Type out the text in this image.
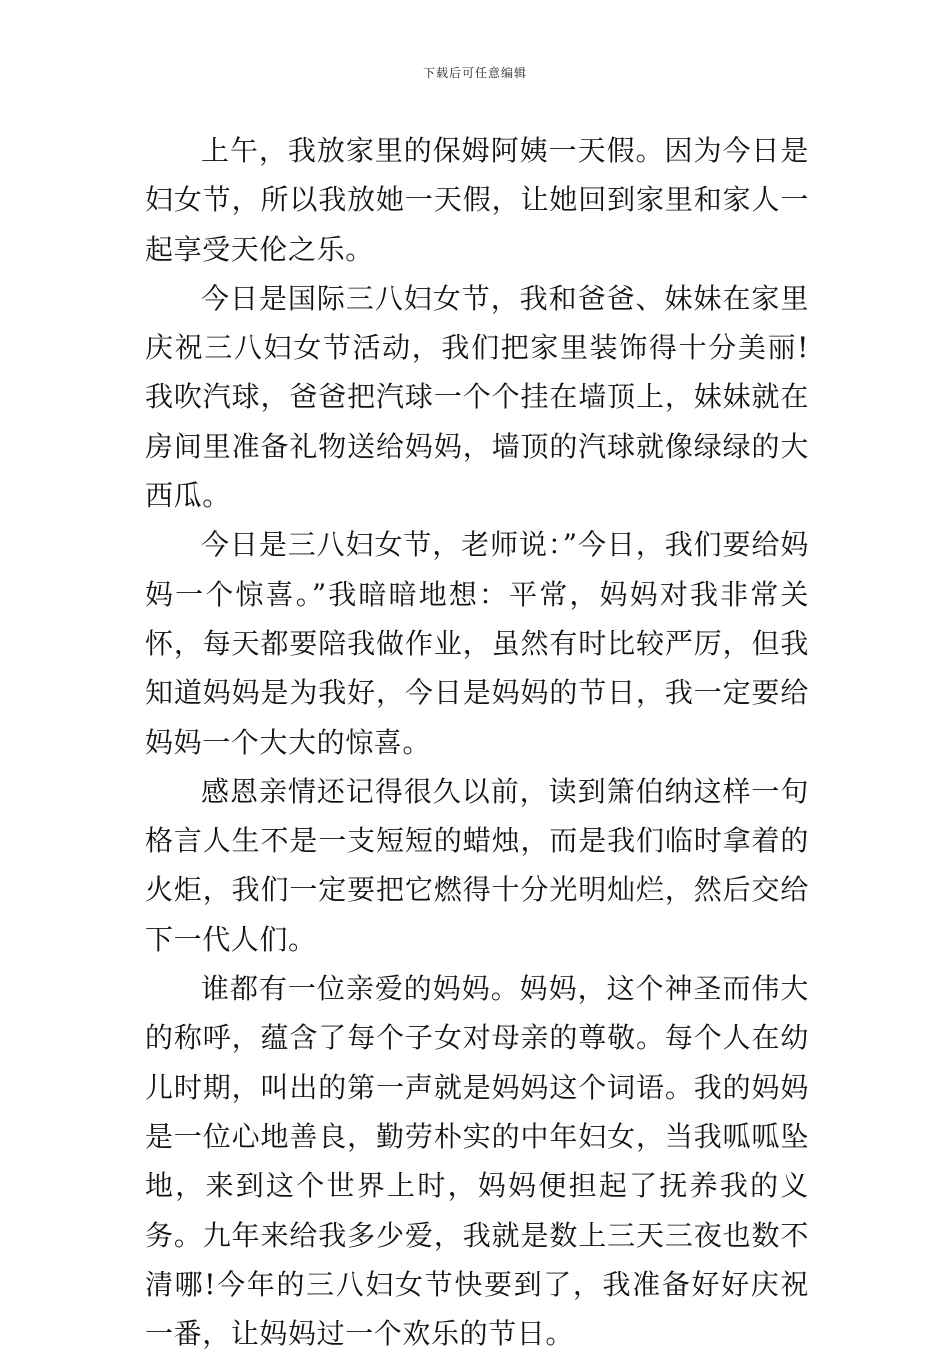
下载后可任意编辑

上午，我放家里的保姆阿姨一天假。因为今日是妇女节，所以我放她一天假，让她回到家里和家人一起享受天伦之乐。

今日是国际三八妇女节，我和爸爸、妹妹在家里庆祝三八妇女节活动，我们把家里装饰得十分美丽!我吹汽球，爸爸把汽球一个个挂在墙顶上，妹妹就在房间里准备礼物送给妈妈，墙顶的汽球就像绿绿的大西瓜。

今日是三八妇女节，老师说：”今日，我们要给妈妈一个惊喜。”我暗暗地想：平常，妈妈对我非常关怀，每天都要陪我做作业，虽然有时比较严厉，但我知道妈妈是为我好，今日是妈妈的节日，我一定要给妈妈一个大大的惊喜。

感恩亲情还记得很久以前，读到箫伯纳这样一句格言人生不是一支短短的蜡烛，而是我们临时拿着的火炬，我们一定要把它燃得十分光明灿烂，然后交给下一代人们。

谁都有一位亲爱的妈妈。妈妈，这个神圣而伟大的称呼，蕴含了每个子女对母亲的尊敬。每个人在幼儿时期，叫出的第一声就是妈妈这个词语。我的妈妈是一位心地善良，勤劳朴实的中年妇女，当我呱呱坠地，来到这个世界上时，妈妈便担起了抚养我的义务。九年来给我多少爱，我就是数上三天三夜也数不清哪!今年的三八妇女节快要到了，我准备好好庆祝一番，让妈妈过一个欢乐的节日。
